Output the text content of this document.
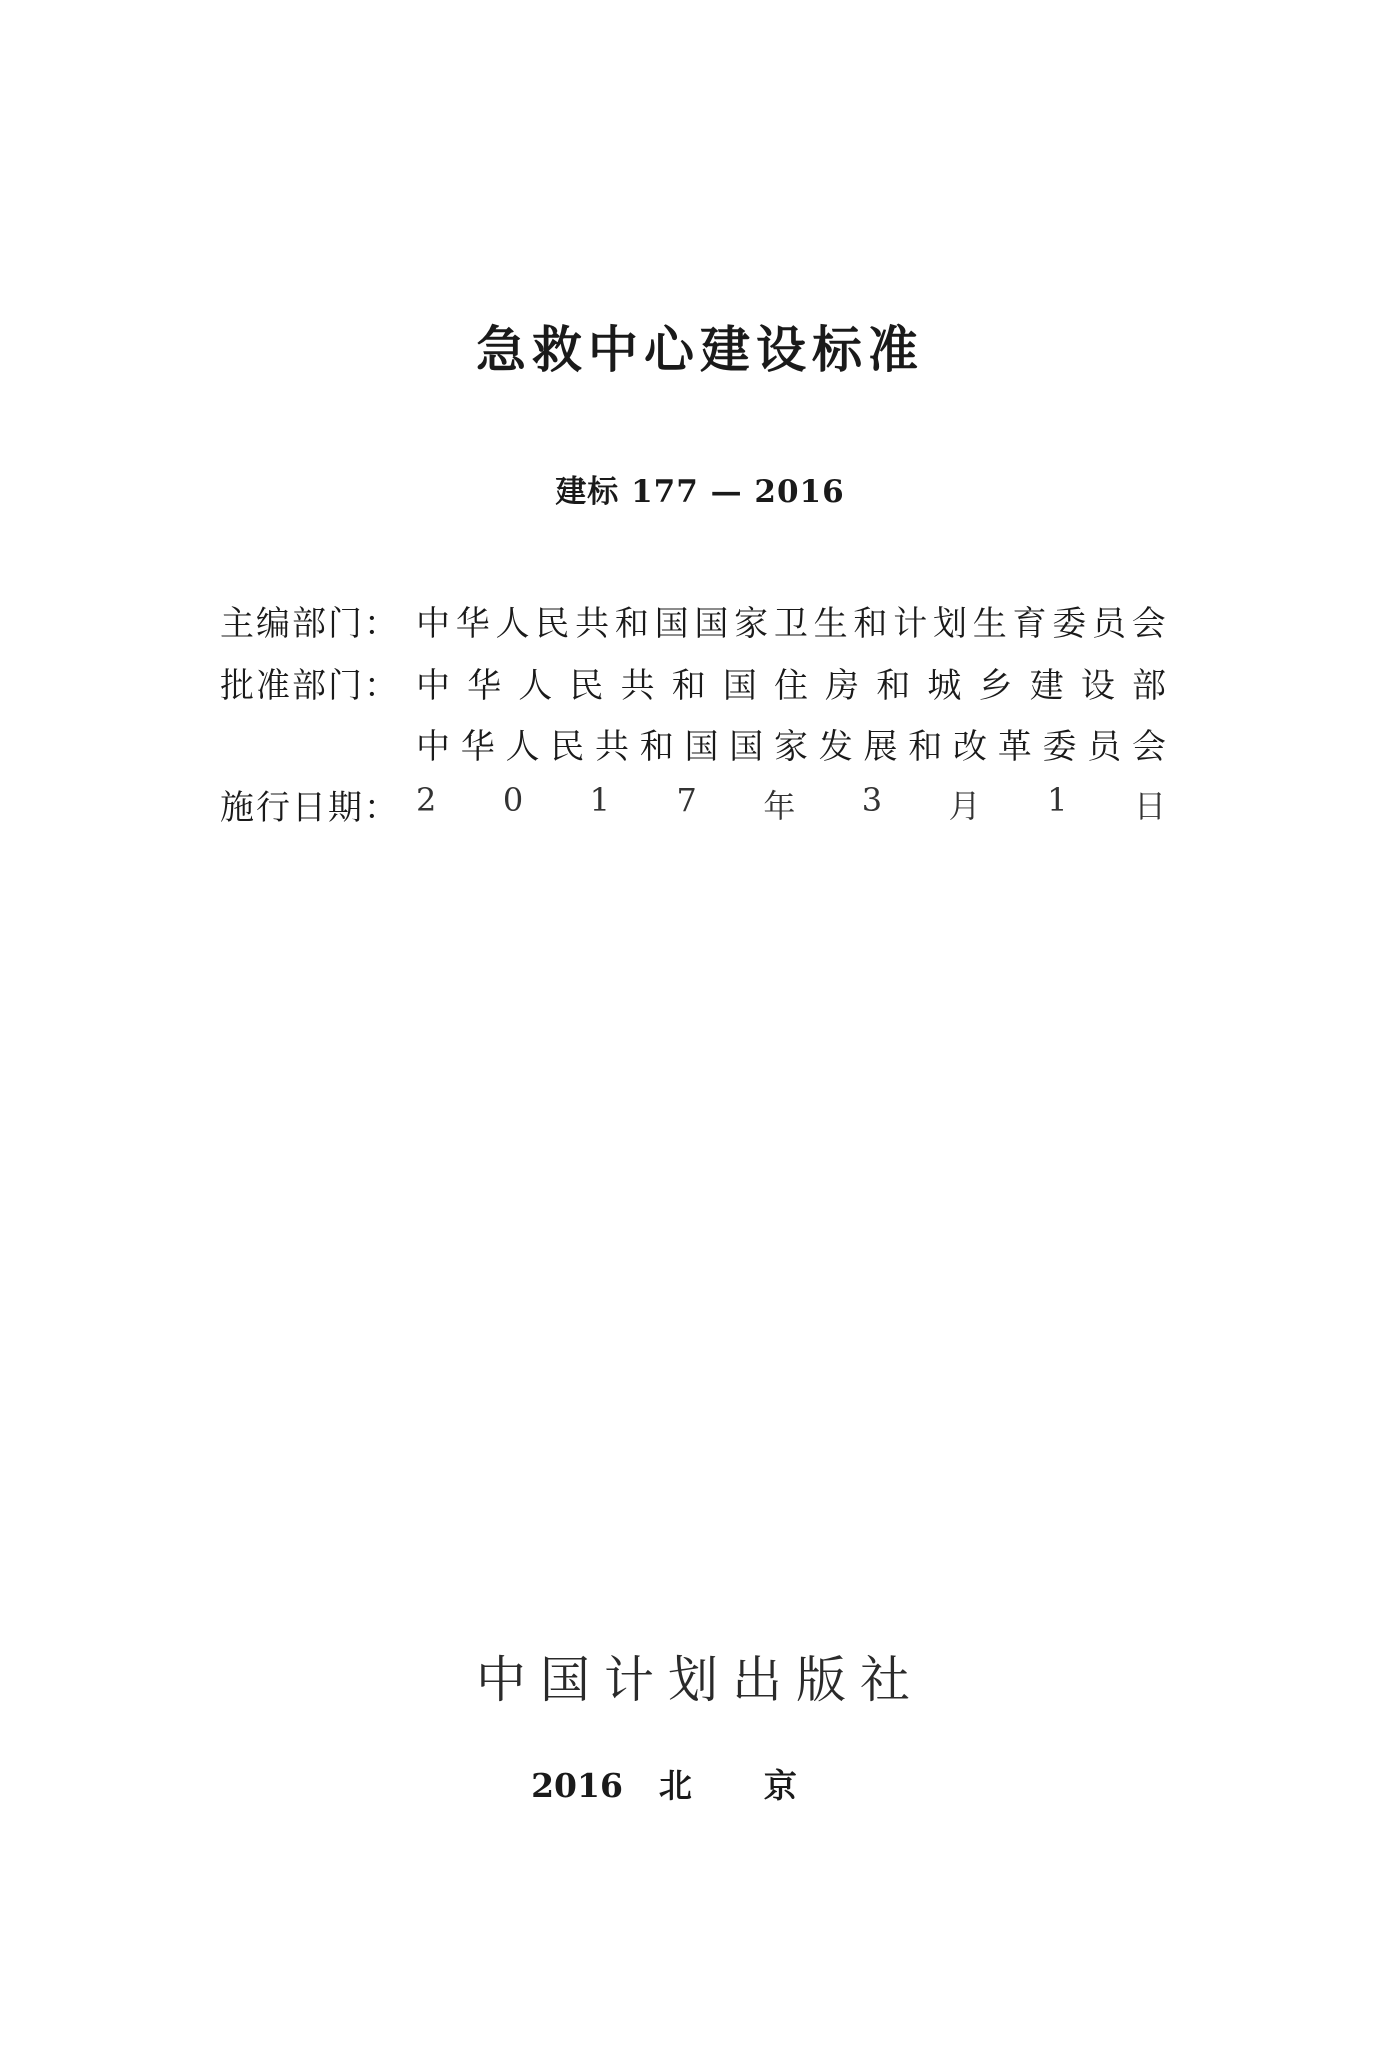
急救中心建设标准
建标 177 — 2016
主编部门： 中 华 人 民 共 和 国 国 家 卫 生 和 计 划 生 育 委 员 会
批准部门： 中 华 人 民 共 和 国 住 房 和 城 乡 建 设 部
中 华 人 民 共 和 国 国 家 发 展 和 改 革 委 员 会
施行日期： 2 0 1 7 年 3 月 1 日
中国计划出版社
2016 北京
